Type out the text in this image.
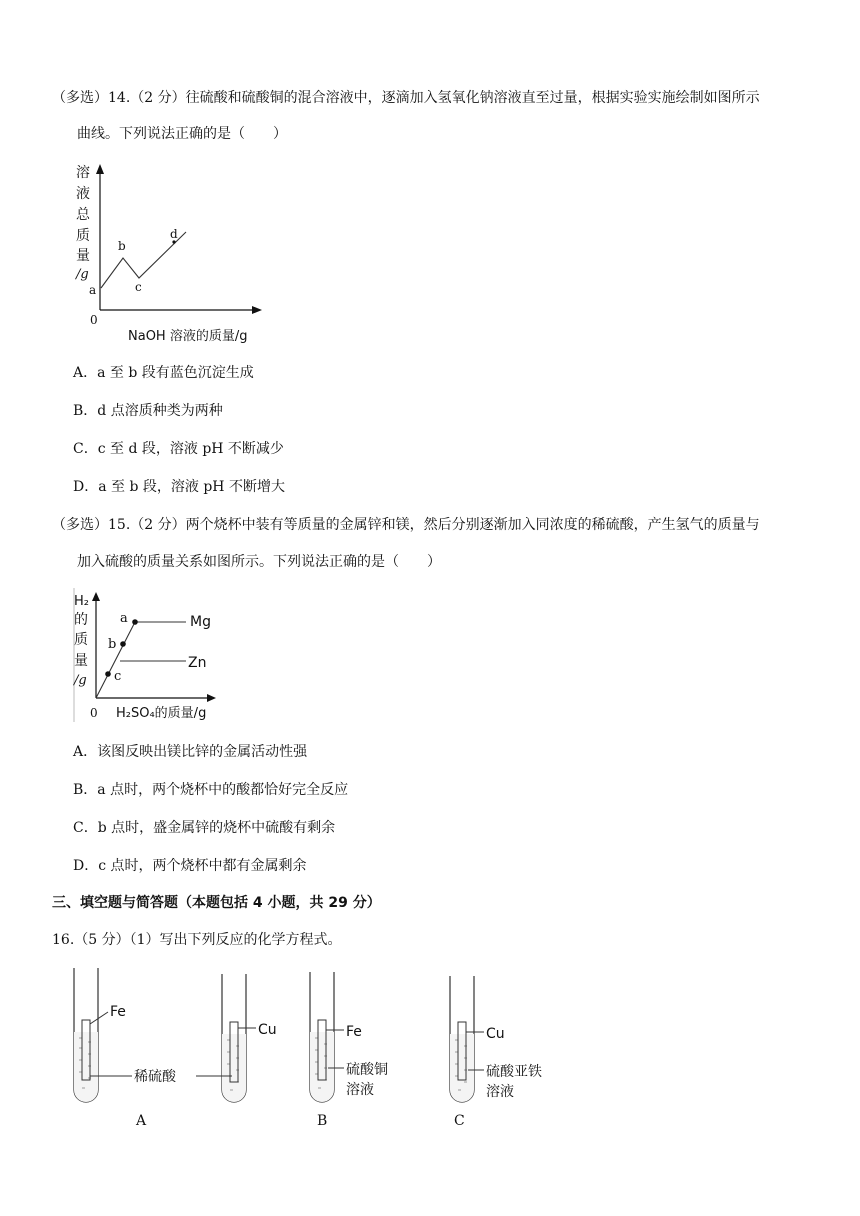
（多选）14.（2 分）往硫酸和硫酸铜的混合溶液中，逐滴加入氢氧化钠溶液直至过量，根据实验实施绘制如图所示
曲线。下列说法正确的是（　　）
溶
液
总
质
量
/g
a
b
c
d
0
NaOH 溶液的质量/g
A．a 至 b 段有蓝色沉淀生成
B．d 点溶质种类为两种
C．c 至 d 段，溶液 pH 不断减少
D．a 至 b 段，溶液 pH 不断增大
（多选）15.（2 分）两个烧杯中装有等质量的金属锌和镁，然后分别逐渐加入同浓度的稀硫酸，产生氢气的质量与
加入硫酸的质量关系如图所示。下列说法正确的是（　　）
H₂
的
质
量
/g
a
b
c
Mg
Zn
0 H₂SO₄的质量/g
A．该图反映出镁比锌的金属活动性强
B．a 点时，两个烧杯中的酸都恰好完全反应
C．b 点时，盛金属锌的烧杯中硫酸有剩余
D．c 点时，两个烧杯中都有金属剩余
三、填空题与简答题（本题包括 4 小题，共 29 分）
16.（5 分）（1）写出下列反应的化学方程式。
Fe
Cu
稀硫酸
Fe
硫酸铜
溶液
Cu
硫酸亚铁
溶液
A	B	C
